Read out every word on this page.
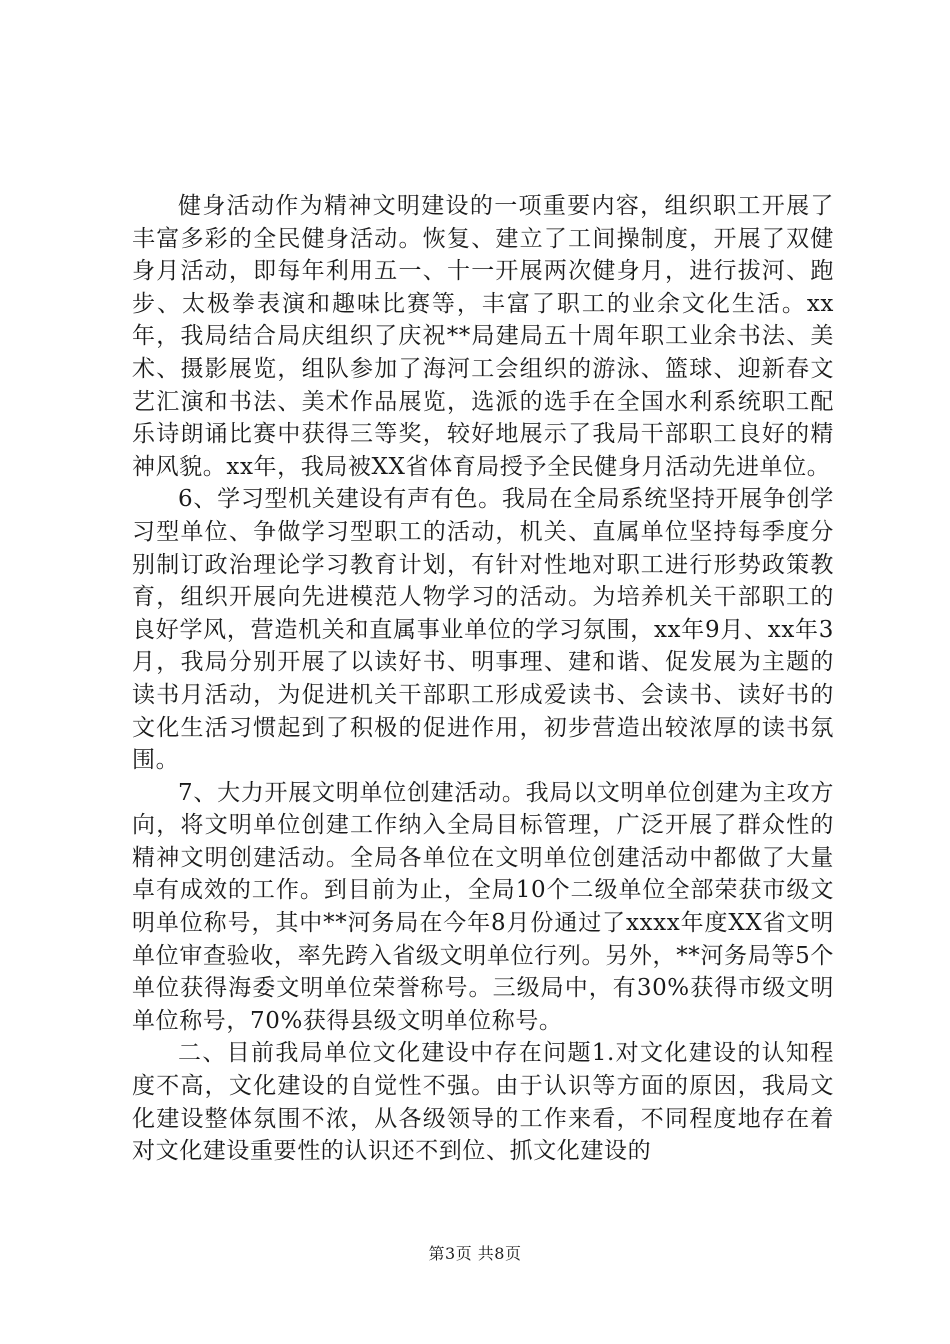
健身活动作为精神文明建设的一项重要内容，组织职工开展了丰富多彩的全民健身活动。恢复、建立了工间操制度，开展了双健身月活动，即每年利用五一、十一开展两次健身月，进行拔河、跑步、太极拳表演和趣味比赛等，丰富了职工的业余文化生活。xx年，我局结合局庆组织了庆祝**局建局五十周年职工业余书法、美术、摄影展览，组队参加了海河工会组织的游泳、篮球、迎新春文艺汇演和书法、美术作品展览，选派的选手在全国水利系统职工配乐诗朗诵比赛中获得三等奖，较好地展示了我局干部职工良好的精神风貌。xx年，我局被XX省体育局授予全民健身月活动先进单位。

6、学习型机关建设有声有色。我局在全局系统坚持开展争创学习型单位、争做学习型职工的活动，机关、直属单位坚持每季度分别制订政治理论学习教育计划，有针对性地对职工进行形势政策教育，组织开展向先进模范人物学习的活动。为培养机关干部职工的良好学风，营造机关和直属事业单位的学习氛围，xx年9月、xx年3月，我局分别开展了以读好书、明事理、建和谐、促发展为主题的读书月活动，为促进机关干部职工形成爱读书、会读书、读好书的文化生活习惯起到了积极的促进作用，初步营造出较浓厚的读书氛围。

7、大力开展文明单位创建活动。我局以文明单位创建为主攻方向，将文明单位创建工作纳入全局目标管理，广泛开展了群众性的精神文明创建活动。全局各单位在文明单位创建活动中都做了大量卓有成效的工作。到目前为止，全局10个二级单位全部荣获市级文明单位称号，其中**河务局在今年8月份通过了xxxx年度XX省文明单位审查验收，率先跨入省级文明单位行列。另外，**河务局等5个单位获得海委文明单位荣誉称号。三级局中，有30%获得市级文明单位称号，70%获得县级文明单位称号。

二、目前我局单位文化建设中存在问题1.对文化建设的认知程度不高，文化建设的自觉性不强。由于认识等方面的原因，我局文化建设整体氛围不浓，从各级领导的工作来看，不同程度地存在着对文化建设重要性的认识还不到位、抓文化建设的

第3页 共8页
